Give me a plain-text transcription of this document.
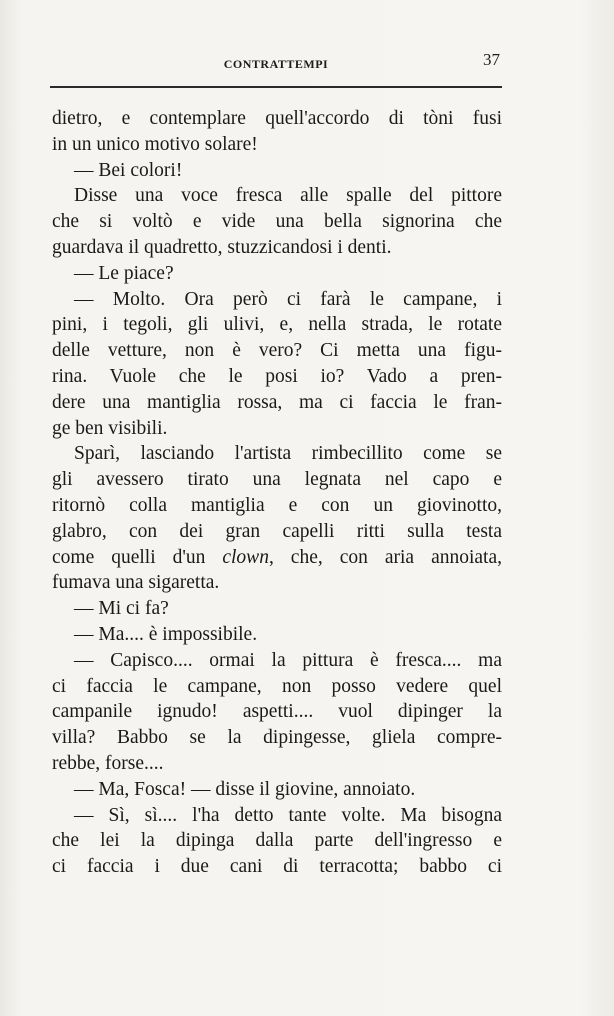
CONTRATTEMPI	37
dietro, e contemplare quell'accordo di tòni fusi
in un unico motivo solare!
— Bei colori!
Disse una voce fresca alle spalle del pittore
che si voltò e vide una bella signorina che
guardava il quadretto, stuzzicandosi i denti.
— Le piace?
— Molto. Ora però ci farà le campane, i
pini, i tegoli, gli ulivi, e, nella strada, le rotate
delle vetture, non è vero? Ci metta una figu-
rina. Vuole che le posi io? Vado a pren-
dere una mantiglia rossa, ma ci faccia le fran-
ge ben visibili.
Sparì, lasciando l'artista rimbecillito come se
gli avessero tirato una legnata nel capo e
ritornò colla mantiglia e con un giovinotto,
glabro, con dei gran capelli ritti sulla testa
come quelli d'un clown, che, con aria annoiata,
fumava una sigaretta.
— Mi ci fa?
— Ma.... è impossibile.
— Capisco.... ormai la pittura è fresca.... ma
ci faccia le campane, non posso vedere quel
campanile ignudo! aspetti.... vuol dipinger la
villa? Babbo se la dipingesse, gliela compre-
rebbe, forse....
— Ma, Fosca! — disse il giovine, annoiato.
— Sì, sì.... l'ha detto tante volte. Ma bisogna
che lei la dipinga dalla parte dell'ingresso e
ci faccia i due cani di terracotta; babbo ci
